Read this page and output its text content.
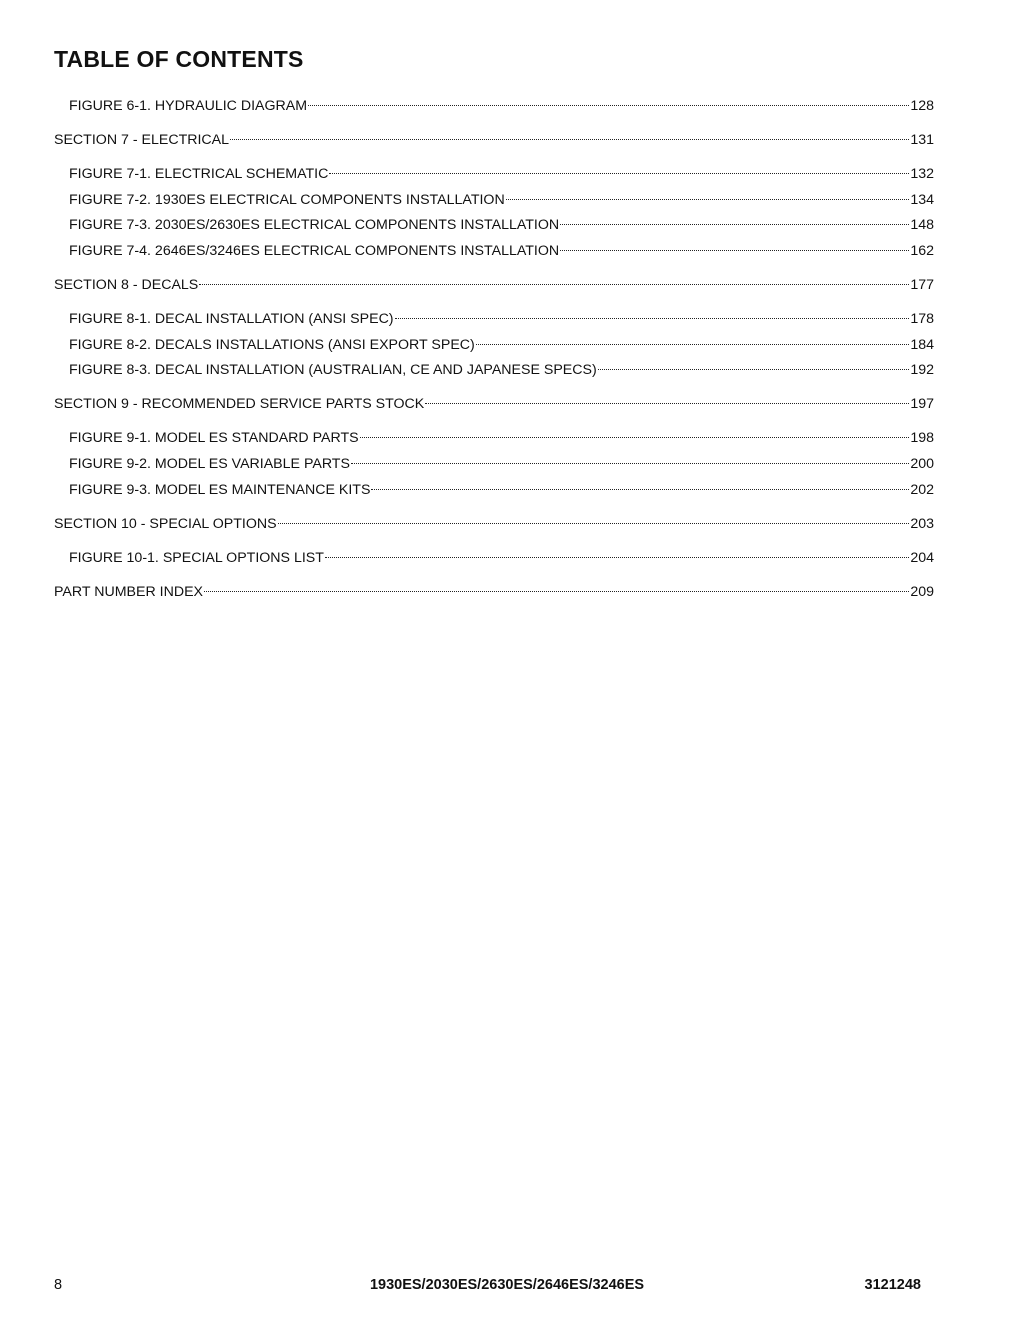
TABLE OF CONTENTS
FIGURE 6-1. HYDRAULIC DIAGRAM	128
SECTION 7 - ELECTRICAL	131
FIGURE 7-1. ELECTRICAL SCHEMATIC	132
FIGURE 7-2. 1930ES ELECTRICAL COMPONENTS INSTALLATION	134
FIGURE 7-3. 2030ES/2630ES ELECTRICAL COMPONENTS INSTALLATION	148
FIGURE 7-4. 2646ES/3246ES ELECTRICAL COMPONENTS INSTALLATION	162
SECTION 8 - DECALS	177
FIGURE 8-1. DECAL INSTALLATION (ANSI SPEC)	178
FIGURE 8-2. DECALS INSTALLATIONS (ANSI EXPORT SPEC)	184
FIGURE 8-3. DECAL INSTALLATION (AUSTRALIAN, CE AND JAPANESE SPECS)	192
SECTION 9 - RECOMMENDED SERVICE PARTS STOCK	197
FIGURE 9-1. MODEL ES STANDARD PARTS	198
FIGURE 9-2. MODEL ES VARIABLE PARTS	200
FIGURE 9-3. MODEL ES MAINTENANCE KITS	202
SECTION 10 - SPECIAL OPTIONS	203
FIGURE 10-1. SPECIAL OPTIONS LIST	204
PART NUMBER INDEX	209
8	1930ES/2030ES/2630ES/2646ES/3246ES	3121248
